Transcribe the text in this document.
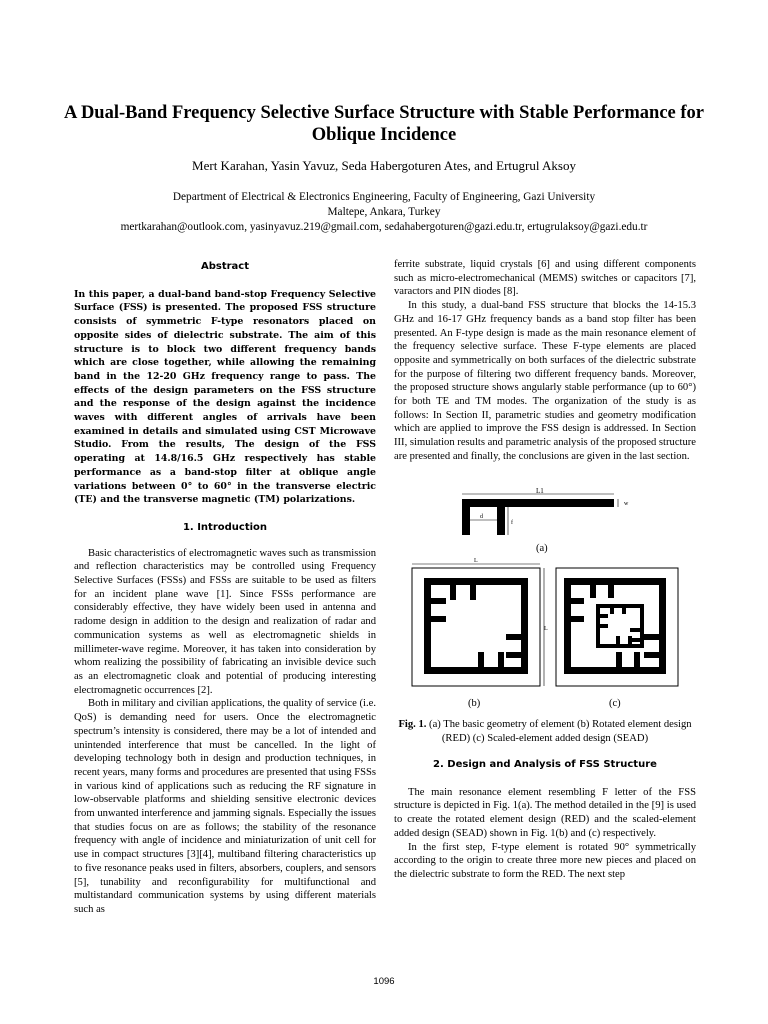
A Dual-Band Frequency Selective Surface Structure with Stable Performance for Oblique Incidence
Mert Karahan, Yasin Yavuz, Seda Habergoturen Ates, and Ertugrul Aksoy
Department of Electrical & Electronics Engineering, Faculty of Engineering, Gazi University
Maltepe, Ankara, Turkey
mertkarahan@outlook.com, yasinyavuz.219@gmail.com, sedahabergoturen@gazi.edu.tr, ertugrulaksoy@gazi.edu.tr
Abstract

In this paper, a dual-band band-stop Frequency Selective Surface (FSS) is presented. The proposed FSS structure consists of symmetric F-type resonators placed on opposite sides of dielectric substrate. The aim of this structure is to block two different frequency bands which are close together, while allowing the remaining band in the 12-20 GHz frequency range to pass. The effects of the design parameters on the FSS structure and the response of the design against the incidence waves with different angles of arrivals have been examined in details and simulated using CST Microwave Studio. From the results, The design of the FSS operating at 14.8/16.5 GHz respectively has stable performance as a band-stop filter at oblique angle variations between 0° to 60° in the transverse electric (TE) and the transverse magnetic (TM) polarizations.

1. Introduction

Basic characteristics of electromagnetic waves such as transmission and reflection characteristics may be controlled using Frequency Selective Surfaces (FSSs) and FSSs are suitable to be used as filters for an incident plane wave [1]. Since FSSs performance are considerably effective, they have widely been used in antenna and radome design in addition to the design and realization of radar and communication systems as well as electromagnetic shields in millimeter-wave regime. Moreover, it has taken into consideration by whom realizing the possibility of fabricating an invisible device such as an electromagnetic cloak and potential of producing interesting electromagnetic occurrences [2].

Both in military and civilian applications, the quality of service (i.e. QoS) is demanding need for users. Once the electromagnetic spectrum’s intensity is considered, there may be a lot of intended and unintended interference that must be cancelled. In the light of developing technology both in design and production techniques, in recent years, many forms and procedures are presented that using FSSs in various kind of applications such as reducing the RF signature in low-observable platforms and shielding sensitive electronic devices from unwanted interference and jamming signals. Especially the issues that studies focus on are as follows; the stability of the resonance frequency with angle of incidence and miniaturization of unit cell for use in compact structures [3][4], multiband filtering characteristics up to five resonance peaks used in filters, absorbers, couplers, and sensors [5], tunability and reconfigurability for multifunctional and multistandard communication systems by using different materials such as

ferrite substrate, liquid crystals [6] and using different components such as micro-electromechanical (MEMS) switches or capacitors [7], varactors and PIN diodes [8].

In this study, a dual-band FSS structure that blocks the 14-15.3 GHz and 16-17 GHz frequency bands as a band stop filter has been presented. An F-type design is made as the main resonance element of the frequency selective surface. These F-type elements are placed opposite and symmetrically on both surfaces of the dielectric substrate for the purpose of filtering two different frequency bands. Moreover, the proposed structure shows angularly stable performance (up to 60°) for both TE and TM modes. The organization of the study is as follows: In Section II, parametric studies and geometry modification which are applied to improve the FSS design is addressed. In Section III, simulation results and parametric analysis of the proposed structure are presented and finally, the conclusions are given in the last section.

L1
w
d
f
(a)
L
L
(b)	(c)
Fig. 1. (a) The basic geometry of element (b) Rotated element design (RED) (c) Scaled-element added design (SEAD)
2. Design and Analysis of FSS Structure

The main resonance element resembling F letter of the FSS structure is depicted in Fig. 1(a). The method detailed in the [9] is used to create the rotated element design (RED) and the scaled-element added design (SEAD) shown in Fig. 1(b) and (c) respectively.

In the first step, F-type element is rotated 90° symmetrically according to the origin to create three more new pieces and placed on the dielectric substrate to form the RED. The next step

1096
